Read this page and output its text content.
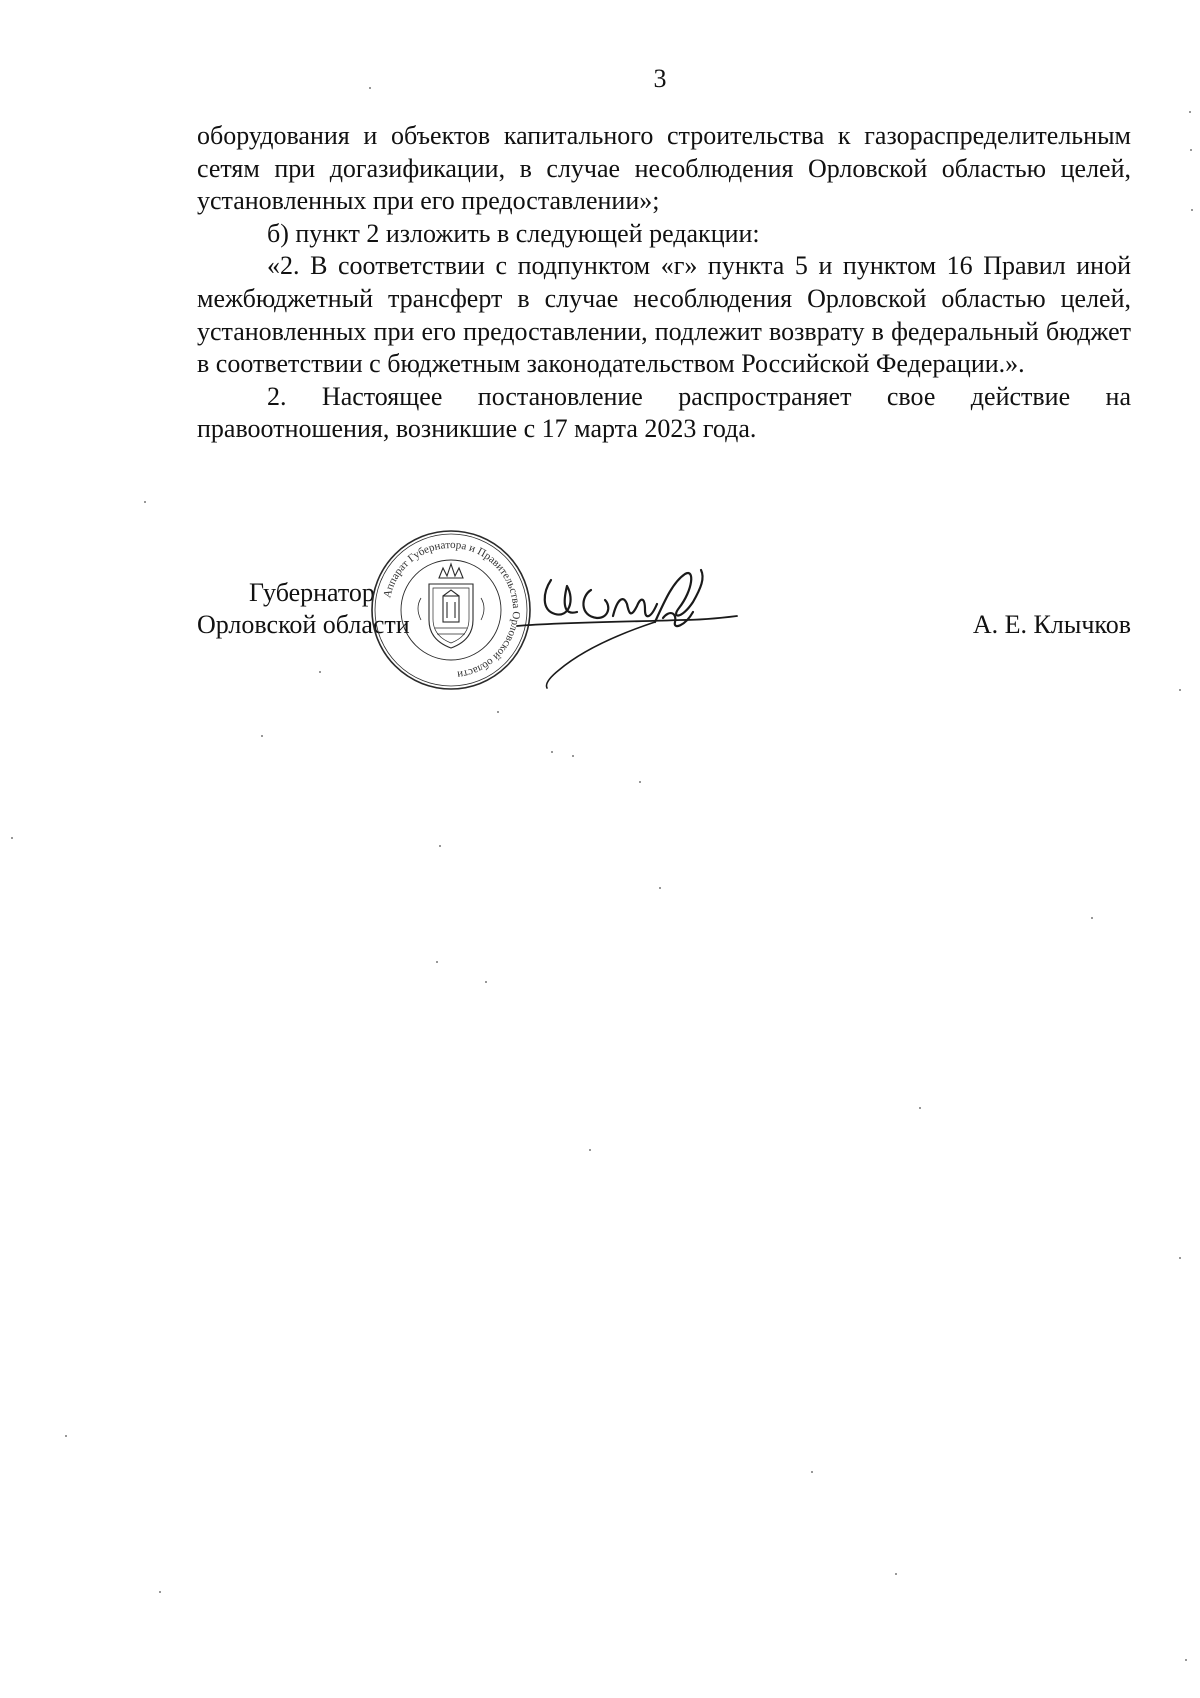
3

оборудования и объектов капитального строительства к газораспределительным сетям при догазификации, в случае несоблюдения Орловской областью целей, установленных при его предоставлении»;

б) пункт 2 изложить в следующей редакции:

«2. В соответствии с подпунктом «г» пункта 5 и пунктом 16 Правил иной межбюджетный трансферт в случае несоблюдения Орловской областью целей, установленных при его предоставлении, подлежит возврату в федеральный бюджет в соответствии с бюджетным законодательством Российской Федерации.».

2. Настоящее постановление распространяет свое действие на правоотношения, возникшие с 17 марта 2023 года.

Губернатор
Орловской области	А. Е. Клычков
Аппарат Губернатора и Правительства Орловской области
